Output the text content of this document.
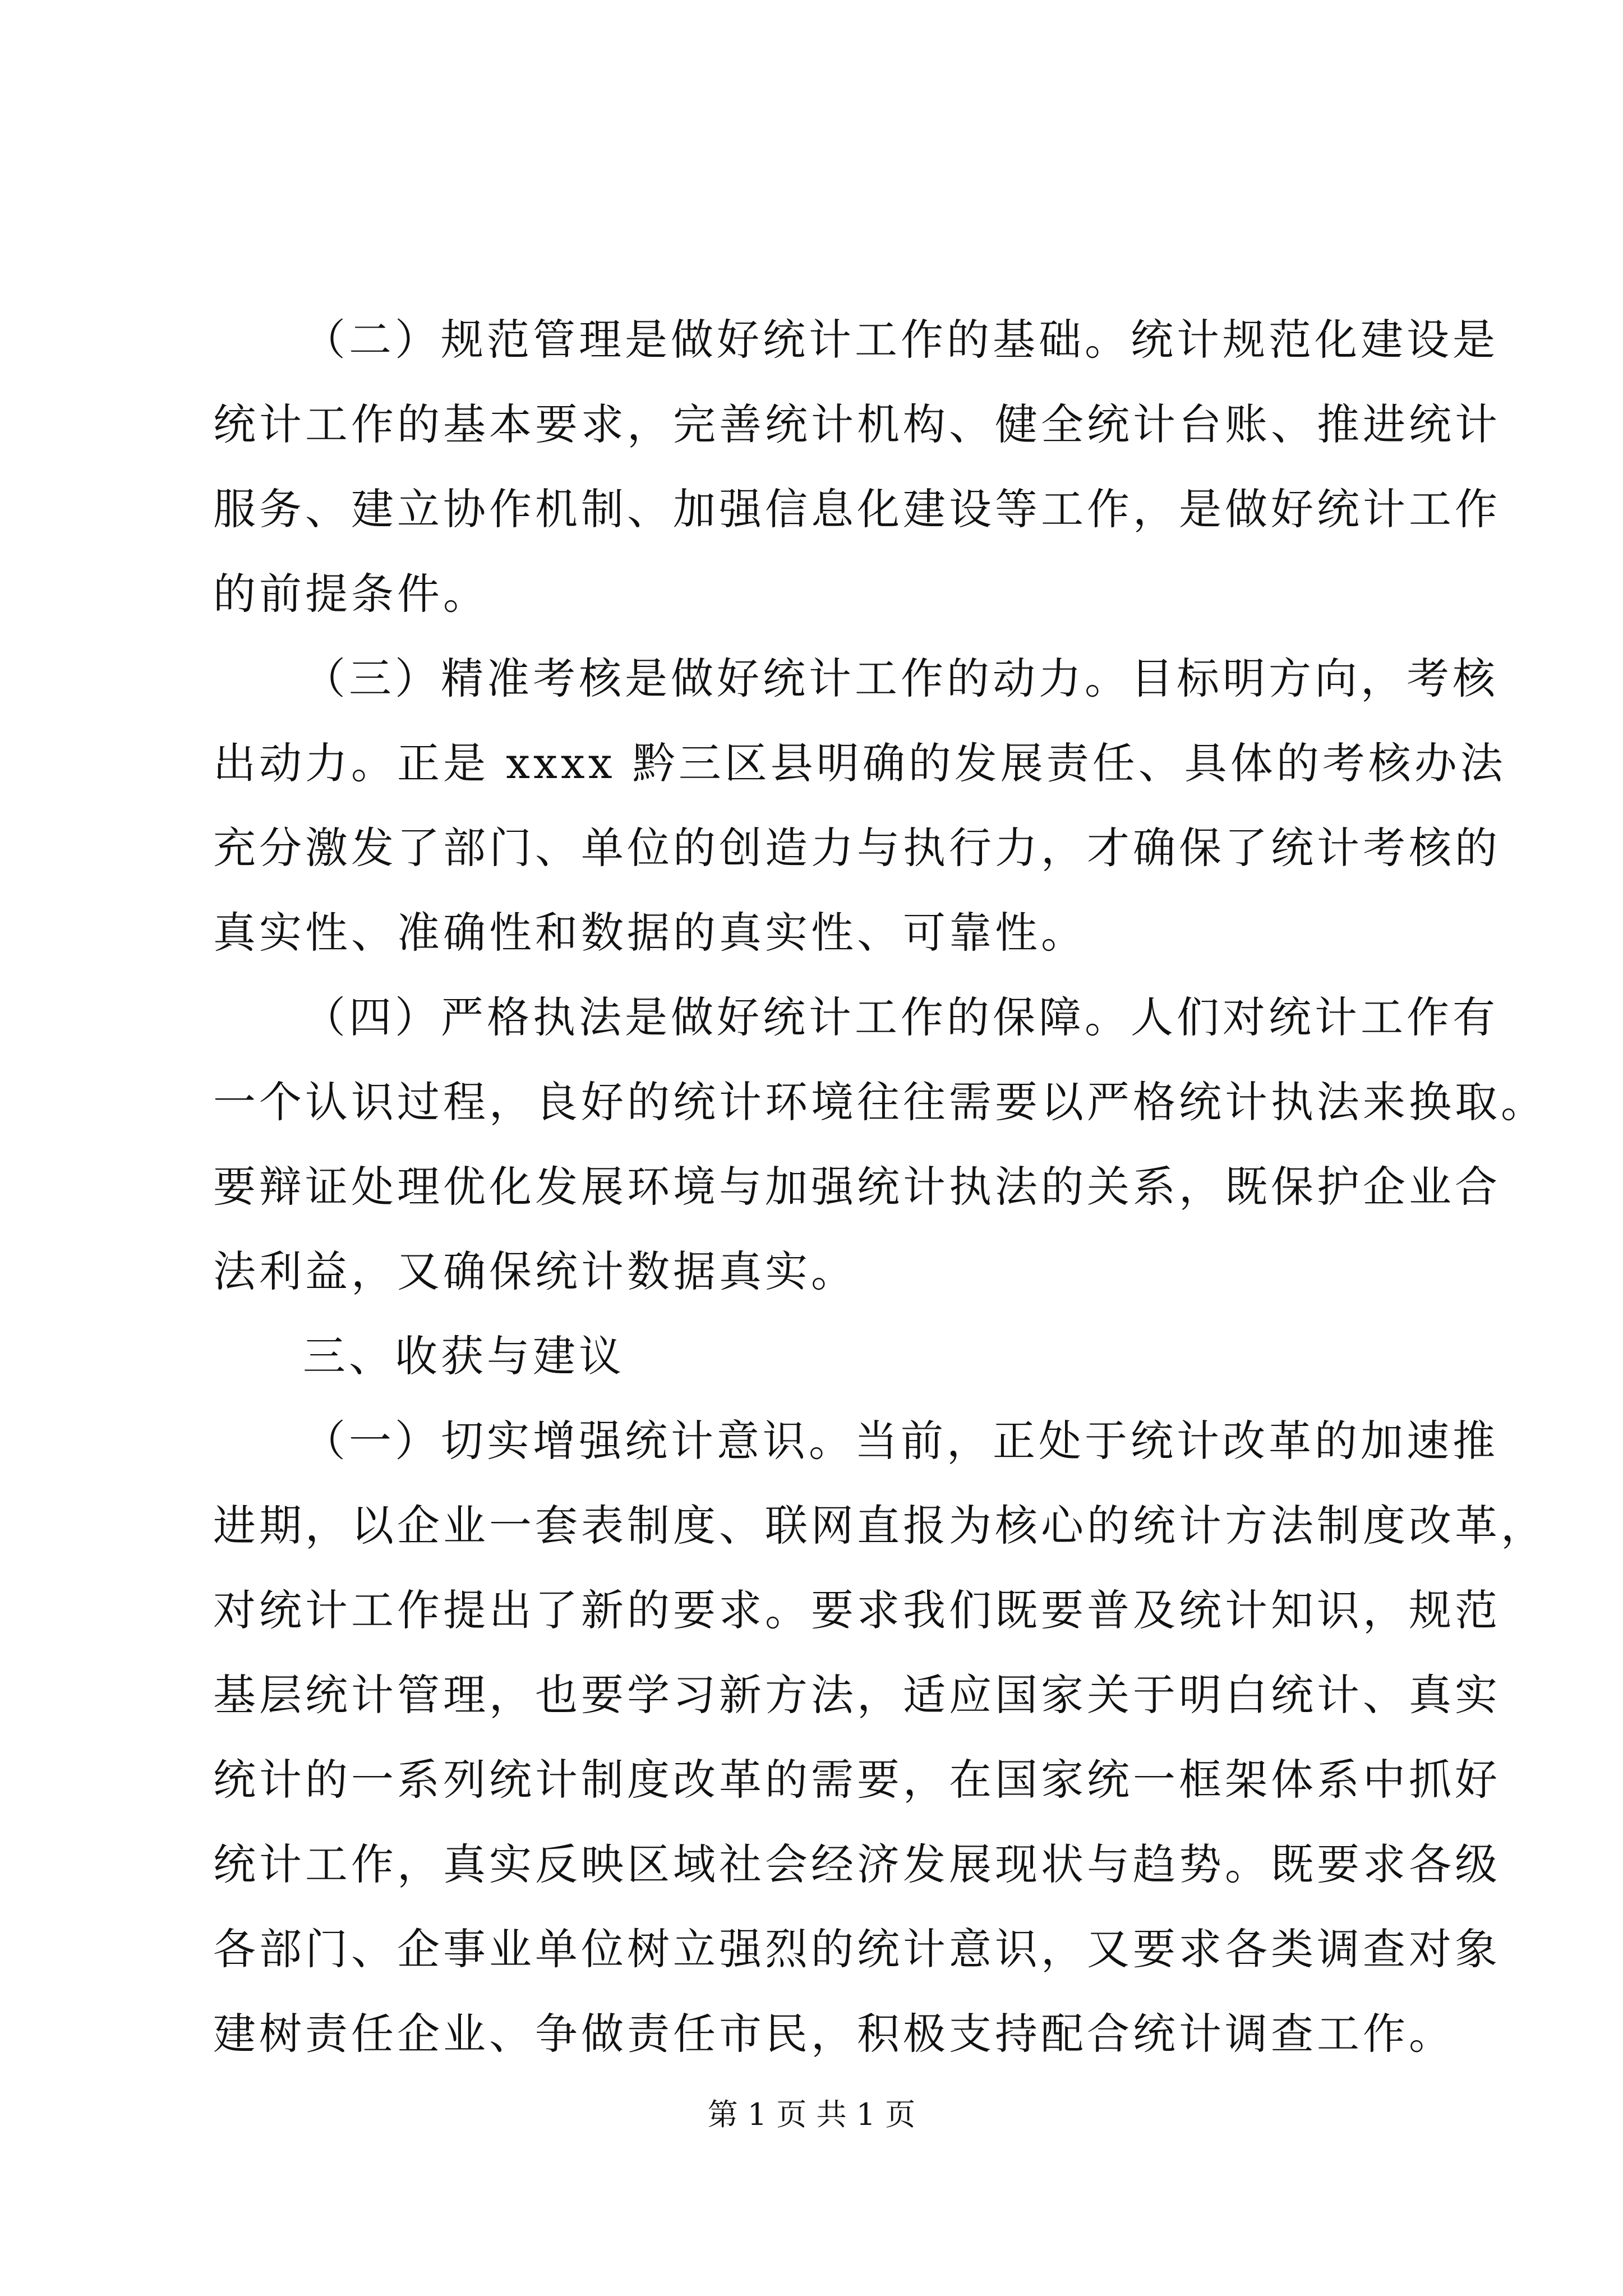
（二）规范管理是做好统计工作的基础。统计规范化建设是
统计工作的基本要求，完善统计机构、健全统计台账、推进统计
服务、建立协作机制、加强信息化建设等工作，是做好统计工作
的前提条件。
（三）精准考核是做好统计工作的动力。目标明方向，考核
出动力。正是 xxxx 黔三区县明确的发展责任、具体的考核办法
充分激发了部门、单位的创造力与执行力，才确保了统计考核的
真实性、准确性和数据的真实性、可靠性。
（四）严格执法是做好统计工作的保障。人们对统计工作有
一个认识过程，良好的统计环境往往需要以严格统计执法来换取。
要辩证处理优化发展环境与加强统计执法的关系，既保护企业合
法利益，又确保统计数据真实。
三、收获与建议
（一）切实增强统计意识。当前，正处于统计改革的加速推
进期，以企业一套表制度、联网直报为核心的统计方法制度改革，
对统计工作提出了新的要求。要求我们既要普及统计知识，规范
基层统计管理，也要学习新方法，适应国家关于明白统计、真实
统计的一系列统计制度改革的需要，在国家统一框架体系中抓好
统计工作，真实反映区域社会经济发展现状与趋势。既要求各级
各部门、企事业单位树立强烈的统计意识，又要求各类调查对象
建树责任企业、争做责任市民，积极支持配合统计调查工作。
第 1 页 共 1 页
